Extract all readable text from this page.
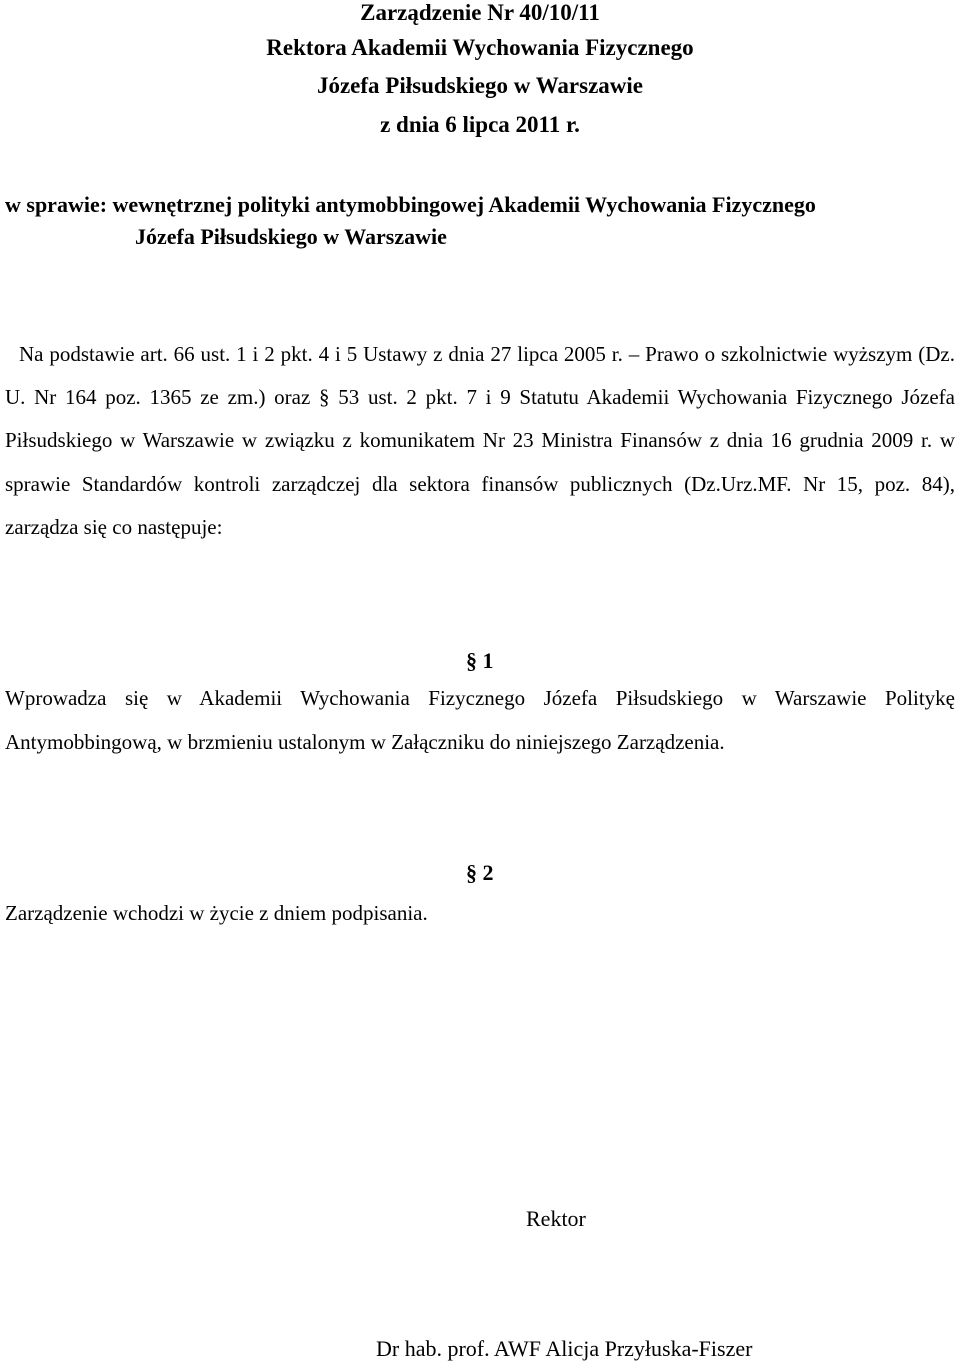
Zarządzenie Nr 40/10/11
Rektora Akademii Wychowania Fizycznego
Józefa Piłsudskiego w Warszawie
z dnia 6 lipca 2011 r.
w sprawie: wewnętrznej polityki antymobbingowej Akademii Wychowania Fizycznego
Józefa Piłsudskiego w Warszawie
Na podstawie art. 66 ust. 1 i 2 pkt. 4 i 5 Ustawy z dnia 27 lipca 2005 r. – Prawo o szkolnictwie wyższym (Dz. U. Nr 164 poz. 1365 ze zm.) oraz § 53 ust. 2 pkt. 7 i 9 Statutu Akademii Wychowania Fizycznego Józefa Piłsudskiego w Warszawie w związku z komunikatem Nr 23 Ministra Finansów z dnia 16 grudnia 2009 r. w sprawie Standardów kontroli zarządczej dla sektora finansów publicznych (Dz.Urz.MF. Nr 15, poz. 84), zarządza się co następuje:
§ 1
Wprowadza się w Akademii Wychowania Fizycznego Józefa Piłsudskiego w Warszawie Politykę Antymobbingową, w brzmieniu ustalonym w Załączniku do niniejszego Zarządzenia.
§ 2
Zarządzenie wchodzi w życie z dniem podpisania.
Rektor
Dr hab. prof. AWF Alicja Przyłuska-Fiszer
